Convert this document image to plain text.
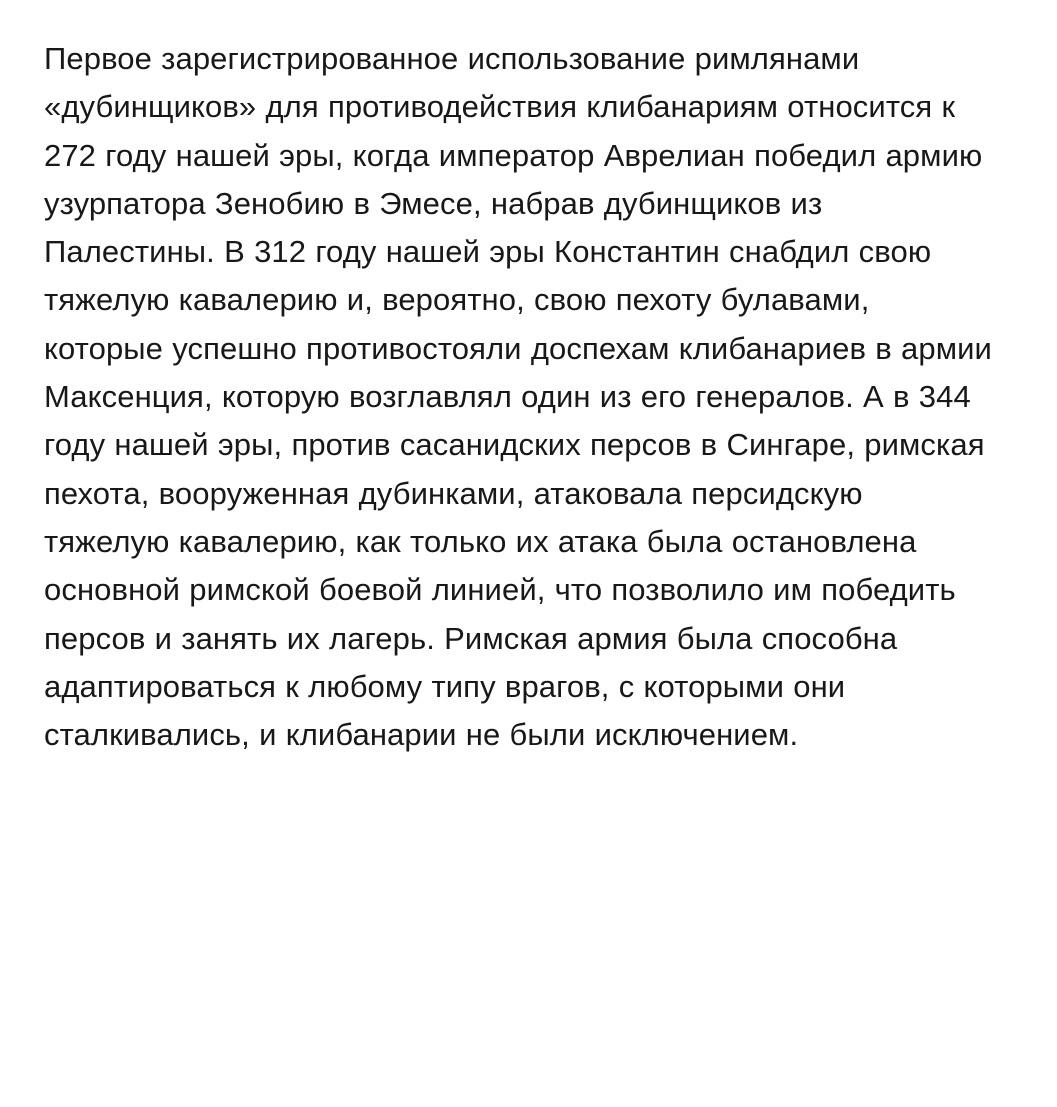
Первое зарегистрированное использование римлянами «дубинщиков» для противодействия клибанариям относится к 272 году нашей эры, когда император Аврелиан победил армию узурпатора Зенобию в Эмесе, набрав дубинщиков из Палестины. В 312 году нашей эры Константин снабдил свою тяжелую кавалерию и, вероятно, свою пехоту булавами, которые успешно противостояли доспехам клибанариев в армии Максенция, которую возглавлял один из его генералов. А в 344 году нашей эры, против сасанидских персов в Сингаре, римская пехота, вооруженная дубинками, атаковала персидскую тяжелую кавалерию, как только их атака была остановлена основной римской боевой линией, что позволило им победить персов и занять их лагерь. Римская армия была способна адаптироваться к любому типу врагов, с которыми они сталкивались, и клибанарии не были исключением.
